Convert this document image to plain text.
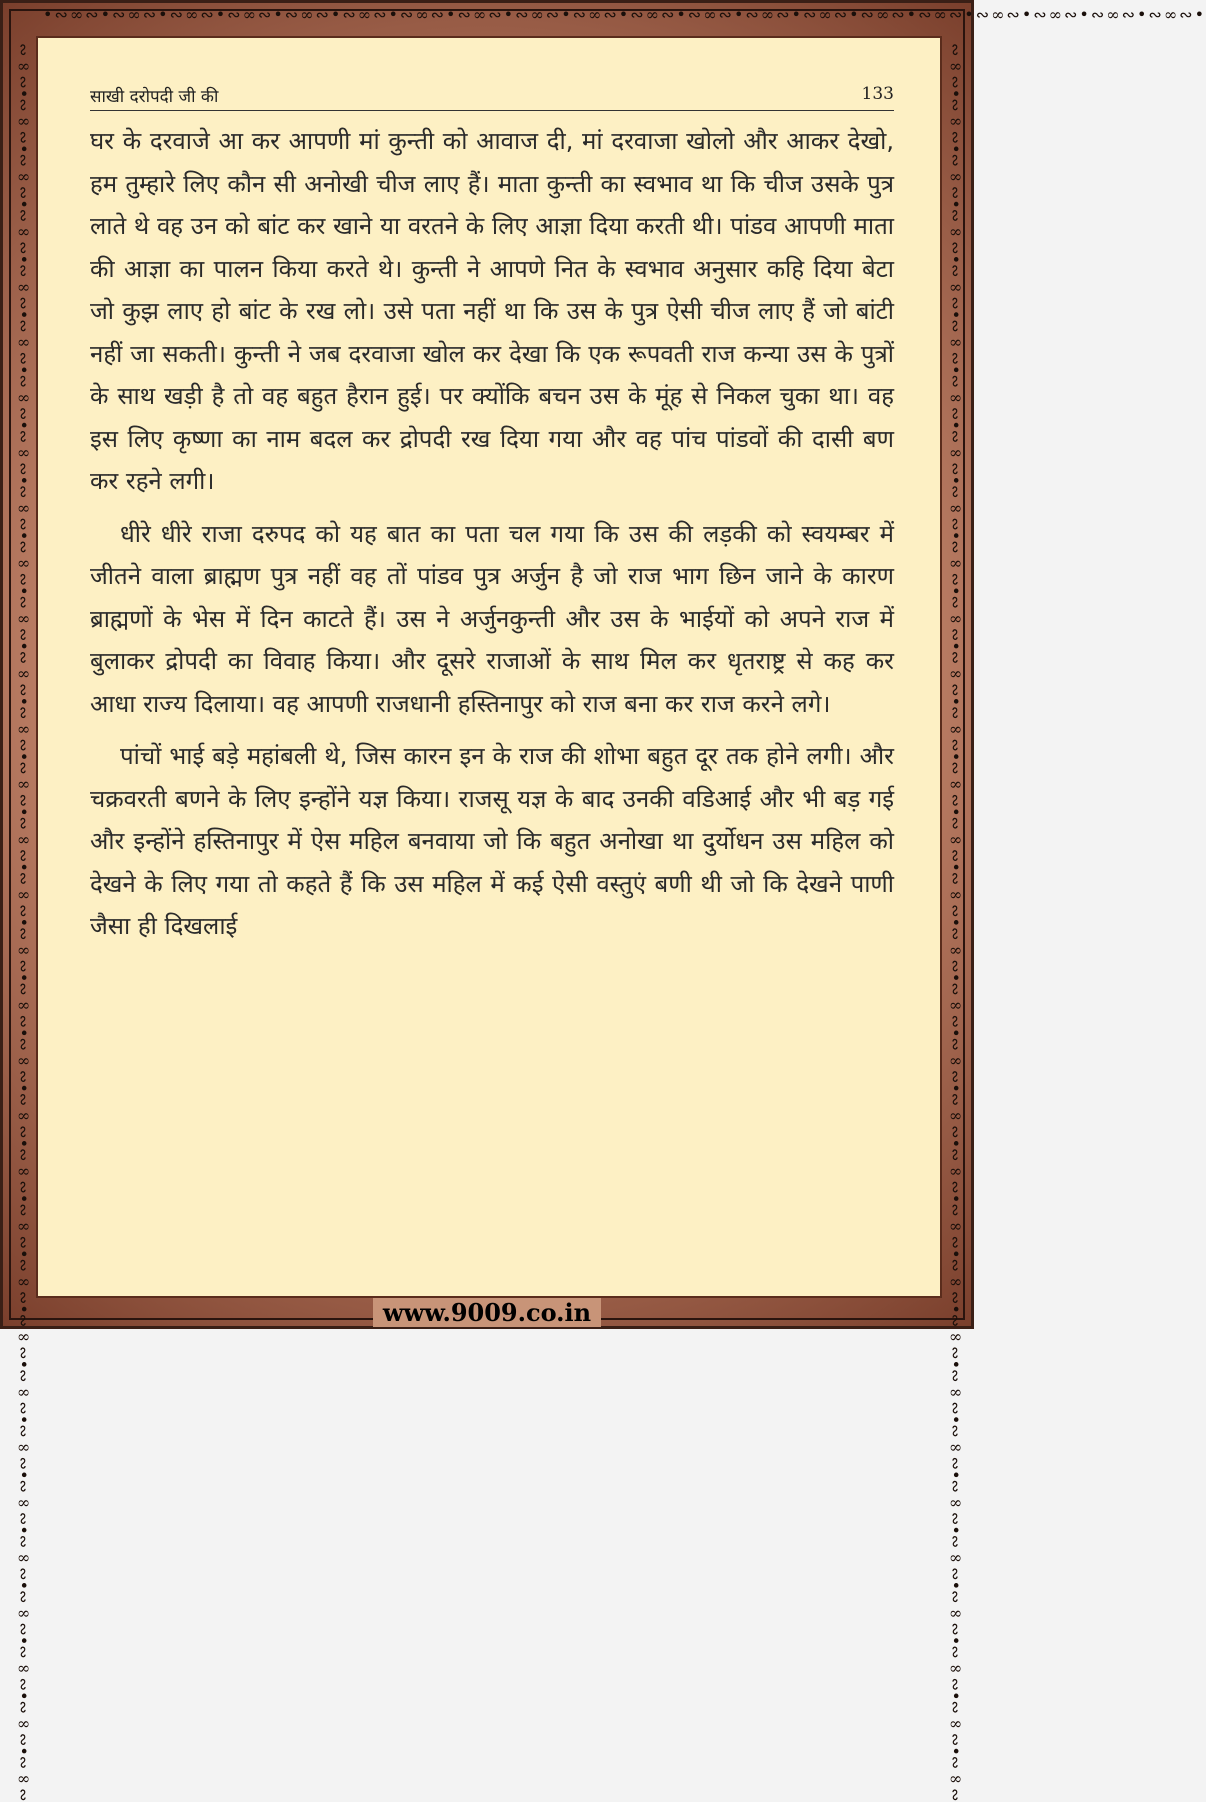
•∾∞∾•∾∞∾•∾∞∾•∾∞∾•∾∞∾•∾∞∾•∾∞∾•∾∞∾•∾∞∾•∾∞∾•∾∞∾•∾∞∾•∾∞∾•∾∞∾•∾∞∾•∾∞∾•∾∞∾•∾∞∾•∾∞∾•∾∞∾•
∾∞∾•∾∞∾•∾∞∾•∾∞∾•∾∞∾•∾∞∾•∾∞∾•∾∞∾•∾∞∾•∾∞∾•∾∞∾•∾∞∾•∾∞∾•∾∞∾•∾∞∾•∾∞∾•∾∞∾•∾∞∾•∾∞∾•∾∞∾•∾∞∾•∾∞∾•∾∞∾•∾∞∾•∾∞∾•∾∞∾•∾∞∾•∾∞∾•∾∞∾•∾∞∾•∾∞∾•∾∞∾	∾∞∾•∾∞∾•∾∞∾•∾∞∾•∾∞∾•∾∞∾•∾∞∾•∾∞∾•∾∞∾•∾∞∾•∾∞∾•∾∞∾•∾∞∾•∾∞∾•∾∞∾•∾∞∾•∾∞∾•∾∞∾•∾∞∾•∾∞∾•∾∞∾•∾∞∾•∾∞∾•∾∞∾•∾∞∾•∾∞∾•∾∞∾•∾∞∾•∾∞∾•∾∞∾•∾∞∾•∾∞∾
साखी दरोपदी जी की	133

घर के दरवाजे आ कर आपणी मां कुन्ती को आवाज दी, मां दरवाजा खोलो और आकर देखो, हम तुम्हारे लिए कौन सी अनोखी चीज लाए हैं। माता कुन्ती का स्वभाव था कि चीज उसके पुत्र लाते थे वह उन को बांट कर खाने या वरतने के लिए आज्ञा दिया करती थी। पांडव आपणी माता की आज्ञा का पालन किया करते थे। कुन्ती ने आपणे नित के स्वभाव अनुसार कहि दिया बेटा जो कुझ लाए हो बांट के रख लो। उसे पता नहीं था कि उस के पुत्र ऐसी चीज लाए हैं जो बांटी नहीं जा सकती। कुन्ती ने जब दरवाजा खोल कर देखा कि एक रूपवती राज कन्या उस के पुत्रों के साथ खड़ी है तो वह बहुत हैरान हुई। पर क्योंकि बचन उस के मूंह से निकल चुका था। वह इस लिए कृष्णा का नाम बदल कर द्रोपदी रख दिया गया और वह पांच पांडवों की दासी बण कर रहने लगी।

धीरे धीरे राजा दरुपद को यह बात का पता चल गया कि उस की लड़की को स्वयम्बर में जीतने वाला ब्राह्मण पुत्र नहीं वह तों पांडव पुत्र अर्जुन है जो राज भाग छिन जाने के कारण ब्राह्मणों के भेस में दिन काटते हैं। उस ने अर्जुनकुन्ती और उस के भाईयों को अपने राज में बुलाकर द्रोपदी का विवाह किया। और दूसरे राजाओं के साथ मिल कर धृतराष्ट्र से कह कर आधा राज्य दिलाया। वह आपणी राजधानी हस्तिनापुर को राज बना कर राज करने लगे।

पांचों भाई बड़े महांबली थे, जिस कारन इन के राज की शोभा बहुत दूर तक होने लगी। और चक्रवरती बणने के लिए इन्होंने यज्ञ किया। राजसू यज्ञ के बाद उनकी वडिआई और भी बड़ गई और इन्होंने हस्तिनापुर में ऐस महिल बनवाया जो कि बहुत अनोखा था दुर्योधन उस महिल को देखने के लिए गया तो कहते हैं कि उस महिल में कई ऐसी वस्तुएं बणी थी जो कि देखने पाणी जैसा ही दिखलाई

www.9009.co.in
